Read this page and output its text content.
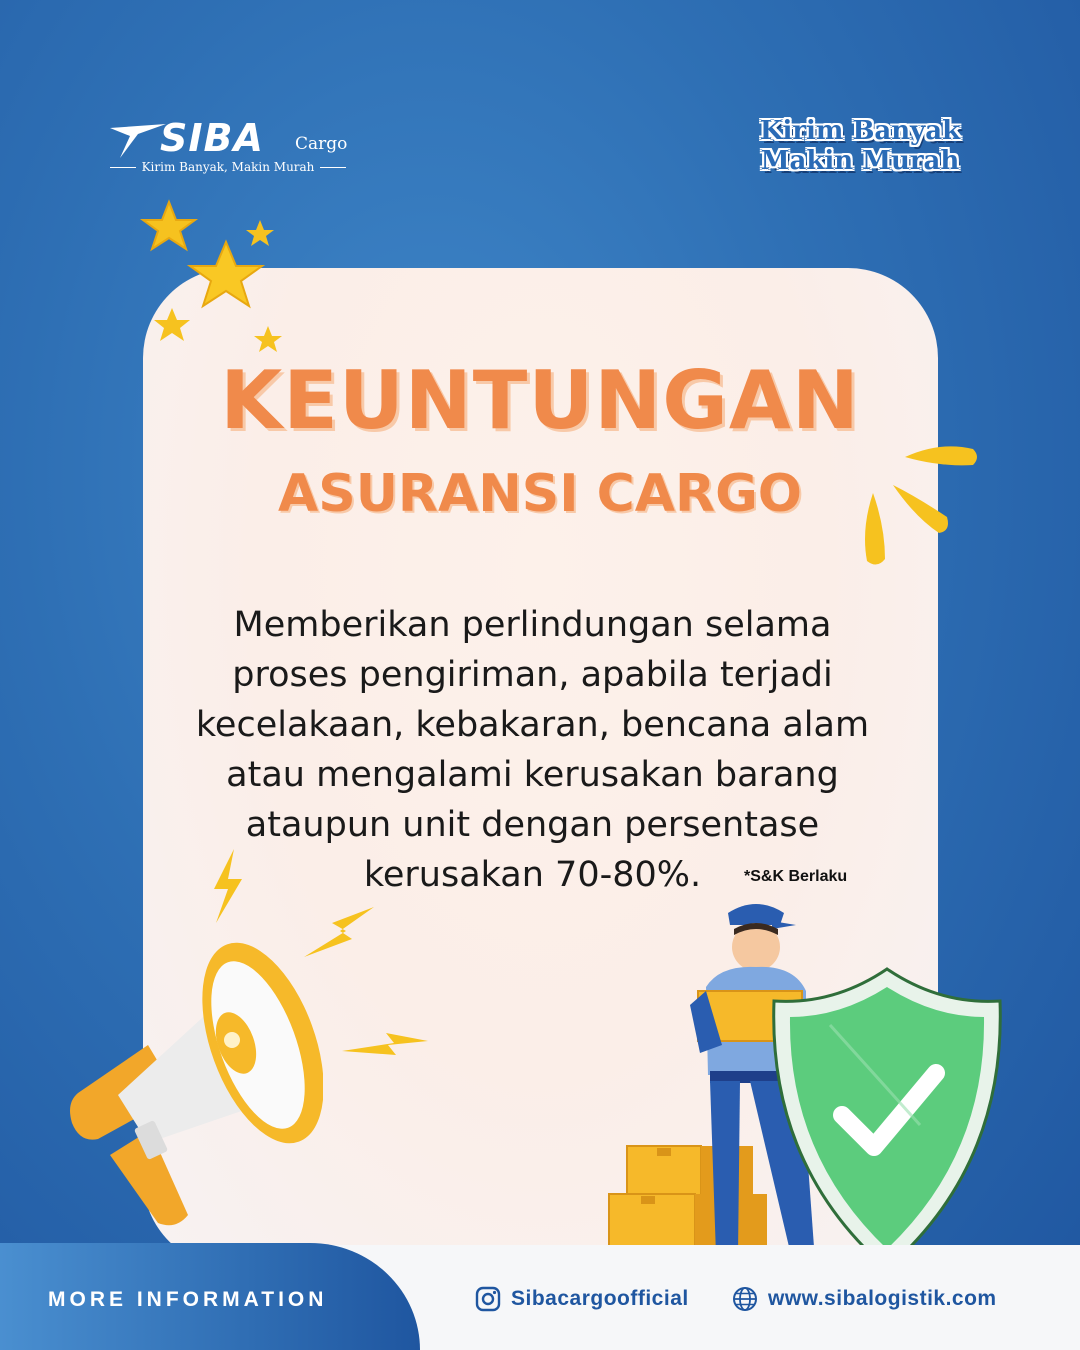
SIBA Cargo
Kirim Banyak, Makin Murah
Kirim Banyak
Makin Murah
KEUNTUNGAN
ASURANSI CARGO
Memberikan perlindungan selama proses pengiriman, apabila terjadi kecelakaan, kebakaran, bencana alam atau mengalami kerusakan barang ataupun unit dengan persentase kerusakan 70-80%.	*S&K Berlaku
MORE INFORMATION	Sibacargoofficial	www.sibalogistik.com
